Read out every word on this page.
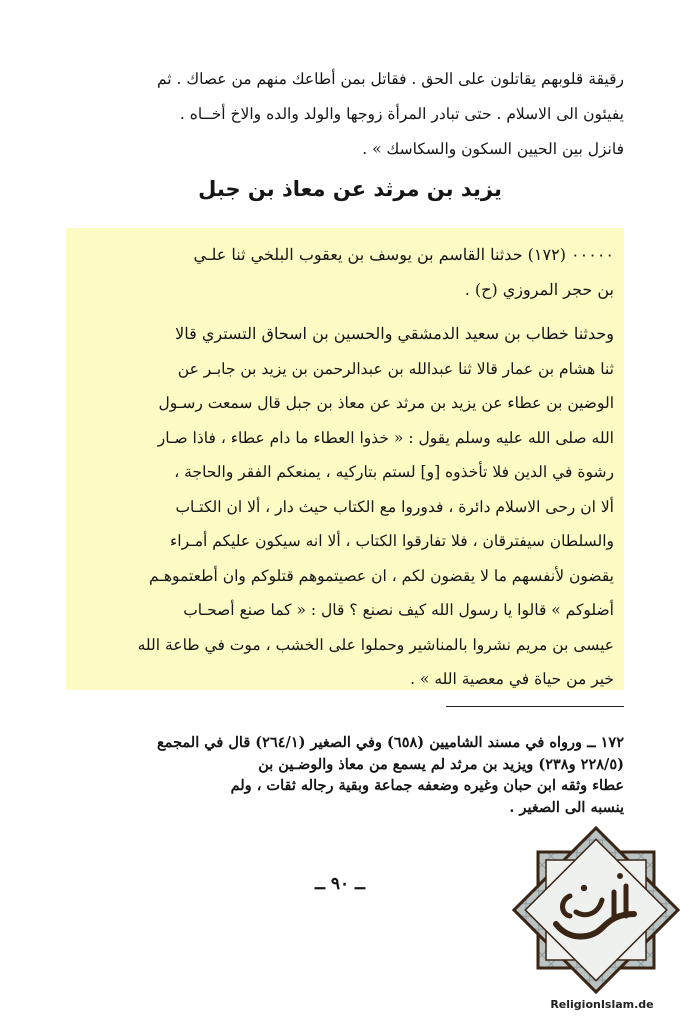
رقيقة قلوبهم يقاتلون على الحق . فقاتل بمن أطاعك منهم من عصاك . ثم

يفيئون الى الاسلام . حتى تبادر المرأة زوجها والولد والده والاخ أخــاه .

فانزل بين الحيين السكون والسكاسك » .

يزيد بن مرثد عن معاذ بن جبل

٠٠٠٠٠ (١٧٢) حدثنا القاسم بن يوسف بن يعقوب البلخي ثنا علـي

بن حجر المروزي (ح) .

وحدثنا خطاب بن سعيد الدمشقي والحسين بن اسحاق التستري قالا

ثنا هشام بن عمار قالا ثنا عبدالله بن عبدالرحمن بن يزيد بن جابـر عن

الوضين بن عطاء عن يزيد بن مرثد عن معاذ بن جبل قال سمعت رسـول

الله صلى الله عليه وسلم يقول : « خذوا العطاء ما دام عطاء ، فاذا صـار

رشوة في الدين فلا تأخذوه [و] لستم بتاركيه ، يمنعكم الفقر والحاجة ،

ألا ان رحى الاسلام دائرة ، فدوروا مع الكتاب حيث دار ، ألا ان الكتـاب

والسلطان سيفترقان ، فلا تفارقوا الكتاب ، ألا انه سيكون عليكم أمـراء

يقضون لأنفسهم ما لا يقضون لكم ، ان عصيتموهم قتلوكم وان أطعتموهـم

أضلوكم » قالوا يا رسول الله كيف نصنع ؟ قال : « كما صنع أصحـاب

عيسى بن مريم نشروا بالمناشير وحملوا على الخشب ، موت في طاعة الله

خير من حياة في معصية الله » .

١٧٢ ــ ورواه في مسند الشاميين (٦٥٨) وفي الصغير (٢٦٤/١) قال في المجمع

(٢٢٨/٥ و٢٣٨) ويزيد بن مرثد لم يسمع من معاذ والوضـين بن

عطاء وثقه ابن حبان وغيره وضعفه جماعة وبقية رجاله ثقات ، ولم

ينسبه الى الصغير .

ــ ٩٠ ــ
ReligionIslam.de
